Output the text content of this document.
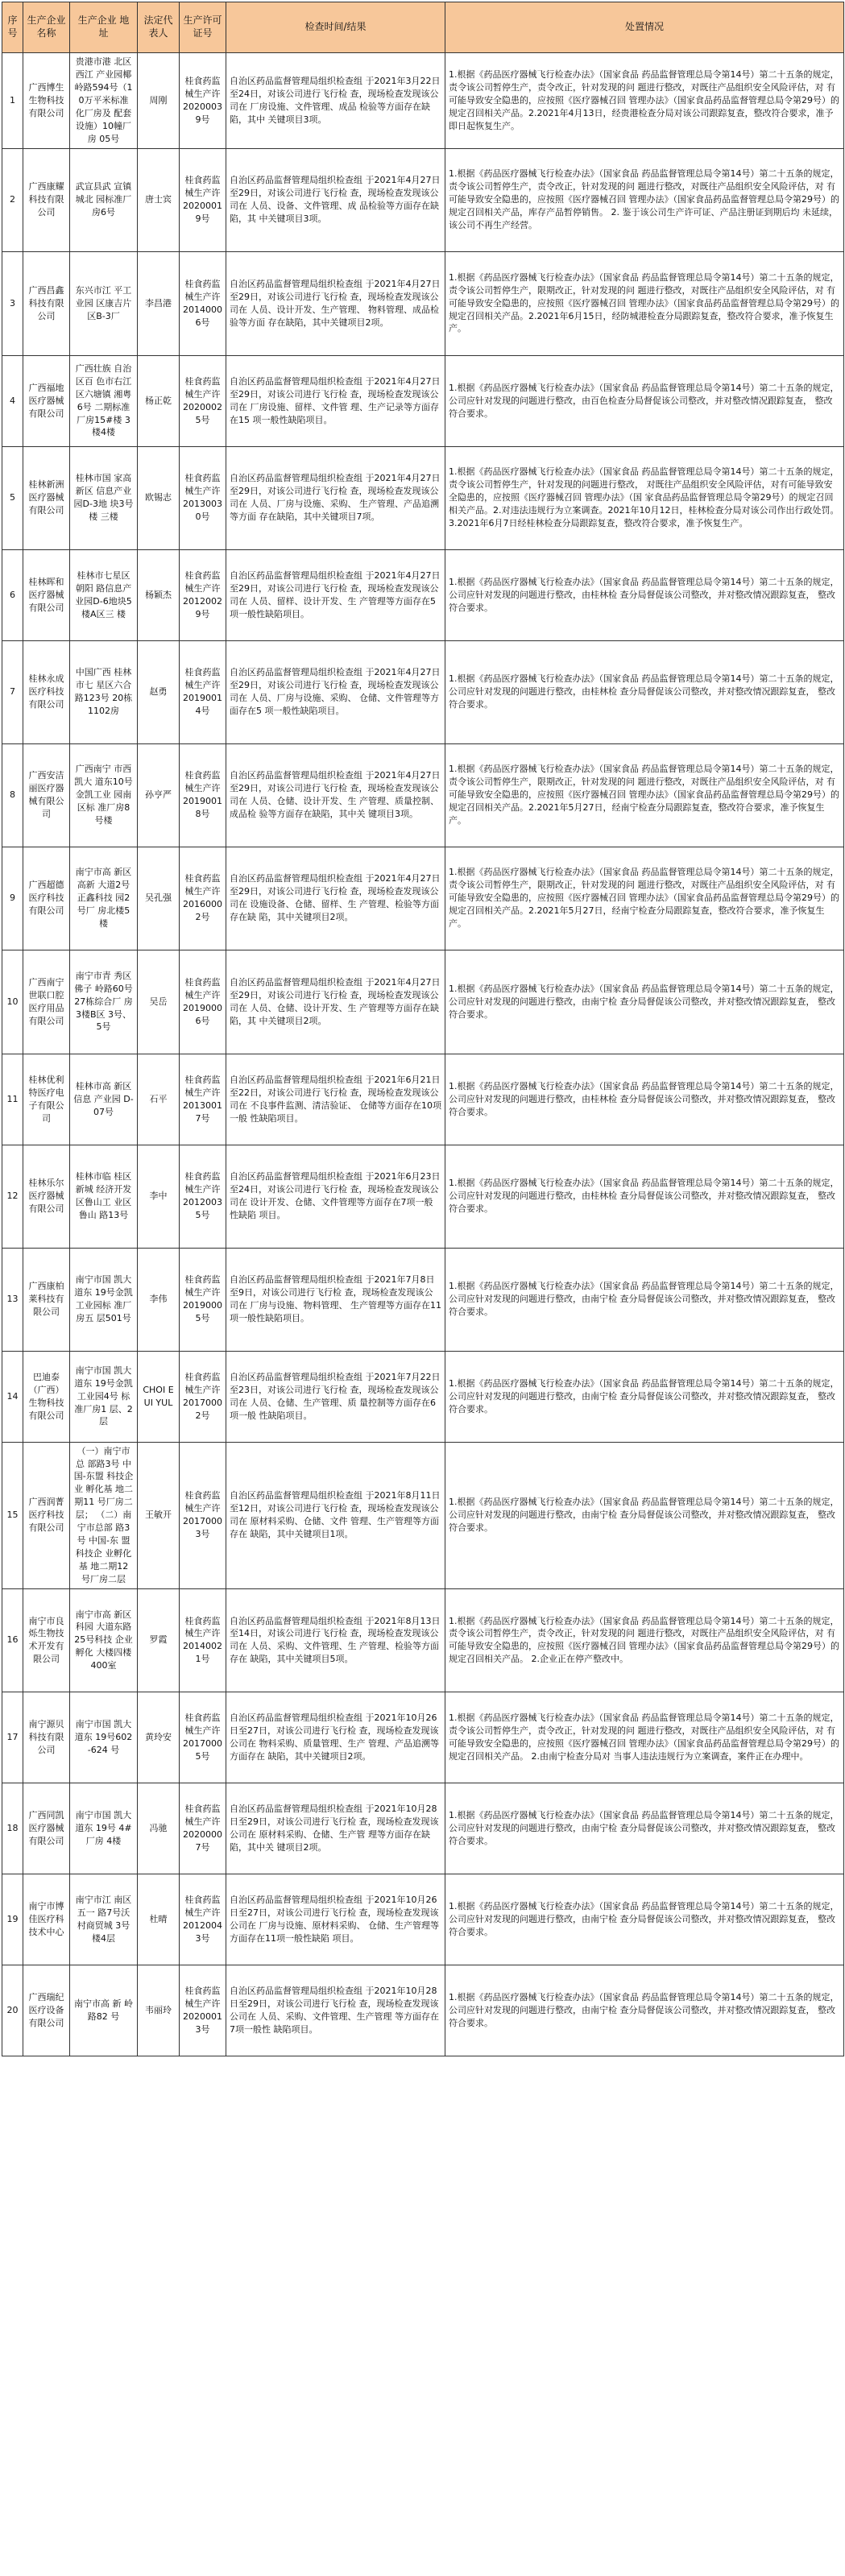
序号	生产企业名称	生产企业 地址	法定代表人	生产许可证号	检查时间/结果	处置情况
1	广西博生生物科技有限公司	贵港市港 北区西江 产业园椰 岭路594号（10万平米标准 化厂房及 配套设施）10幢厂房 05号	周刚	桂食药监械生产许20200039号	自治区药品监督管理局组织检查组 于2021年3月22日至24日，对该公司进行飞行检 查，现场检查发现该公司在 厂房设施、文件管理、成品 检验等方面存在缺陷，其中 关键项目3项。	1.根据《药品医疗器械飞行检查办法》（国家食品 药品监督管理总局令第14号）第二十五条的规定， 责令该公司暂停生产，责令改正，针对发现的问 题进行整改，对既往产品组织安全风险评估，对 有可能导致安全隐患的，应按照《医疗器械召回 管理办法》（国家食品药品监督管理总局令第29号）的规定召回相关产品。2.2021年4月13日，经贵港检查分局对该公司跟踪复查，整改符合要求，准予即日起恢复生产。
2	广西康耀科技有限公司	武宣县武 宣镇城北 园标准厂 房6号	唐士宾	桂食药监械生产许20200019号	自治区药品监督管理局组织检查组 于2021年4月27日至29日，对该公司进行飞行检 查，现场检查发现该公司在 人员、设备、文件管理、成 品检验等方面存在缺陷，其 中关键项目3项。	1.根据《药品医疗器械飞行检查办法》（国家食品 药品监督管理总局令第14号）第二十五条的规定， 责令该公司暂停生产，责令改正，针对发现的问 题进行整改，对既往产品组织安全风险评估，对 有可能导致安全隐患的，应按照《医疗器械召回 管理办法》（国家食品药品监督管理总局令第29号）的规定召回相关产品，库存产品暂停销售。 2. 鉴于该公司生产许可证、产品注册证到期后均 未延续，该公司不再生产经营。
3	广西昌鑫科技有限公司	东兴市江 平工业园 区康吉片 区B-3厂	李昌港	桂食药监械生产许20140006号	自治区药品监督管理局组织检查组 于2021年4月27日至29日，对该公司进行飞行检 查，现场检查发现该公司在 人员、设计开发、生产管理、 物料管理、成品检验等方面 存在缺陷，其中关键项目2项。	1.根据《药品医疗器械飞行检查办法》（国家食品 药品监督管理总局令第14号）第二十五条的规定， 责令该公司暂停生产，限期改正，针对发现的问 题进行整改，对既往产品组织安全风险评估，对 有可能导致安全隐患的，应按照《医疗器械召回 管理办法》（国家食品药品监督管理总局令第29号）的规定召回相关产品。2.2021年6月15日，经防城港检查分局跟踪复查，整改符合要求，准予恢复生产。
4	广西福地医疗器械有限公司	广西壮族 自治区百 色市右江 区六塘镇 湘粤6号 二期标准 厂房15#楼 3楼4楼	杨正乾	桂食药监械生产许20200025号	自治区药品监督管理局组织检查组 于2021年4月27日至29日，对该公司进行飞行检 查，现场检查发现该公司在 厂房设施、留样、文件管 理、生产记录等方面存在15 项一般性缺陷项目。	1.根据《药品医疗器械飞行检查办法》（国家食品 药品监督管理总局令第14号）第二十五条的规定，公司应针对发现的问题进行整改，由百色检查分局督促该公司整改，并对整改情况跟踪复查， 整改符合要求。
5	桂林新洲医疗器械有限公司	桂林市国 家高新区 信息产业 园D-3地 块3号楼 三楼	欧锡志	桂食药监械生产许20130030号	自治区药品监督管理局组织检查组 于2021年4月27日至29日，对该公司进行飞行检 查，现场检查发现该公司在 人员、厂房与设施、采购、 生产管理、产品追溯等方面 存在缺陷，其中关键项目7项。	1.根据《药品医疗器械飞行检查办法》（国家食品 药品监督管理总局令第14号）第二十五条的规定， 责令该公司暂停生产，针对发现的问题进行整改， 对既往产品组织安全风险评估，对有可能导致安 全隐患的，应按照《医疗器械召回 管理办法》（国 家食品药品监督管理总局令第29号）的规定召回 相关产品。2.对违法违规行为立案调查。2021年10月12日，桂林检查分局对该公司作出行政处罚。 3.2021年6月7日经桂林检查分局跟踪复查，整改符合要求，准予恢复生产。
6	桂林晖和医疗器械有限公司	桂林市七星区朝阳 路信息产业园D-6地块5 楼A区三 楼	杨颖杰	桂食药监械生产许20120029号	自治区药品监督管理局组织检查组 于2021年4月27日至29日，对该公司进行飞行检 查，现场检查发现该公司在 人员、留样、设计开发、生 产管理等方面存在5项一般性缺陷项目。	1.根据《药品医疗器械飞行检查办法》（国家食品 药品监督管理总局令第14号）第二十五条的规定，公司应针对发现的问题进行整改，由桂林检 查分局督促该公司整改，并对整改情况跟踪复查， 整改符合要求。
7	桂林永成医疗科技有限公司	中国广西 桂林市七 星区六合 路123号 20栋 1102房	赵勇	桂食药监械生产许20190014号	自治区药品监督管理局组织检查组 于2021年4月27日至29日，对该公司进行飞行检 查，现场检查发现该公司在 人员、厂房与设施、采购、 仓储、文件管理等方面存在5 项一般性缺陷项目。	1.根据《药品医疗器械飞行检查办法》（国家食品 药品监督管理总局令第14号）第二十五条的规定，公司应针对发现的问题进行整改，由桂林检 查分局督促该公司整改，并对整改情况跟踪复查， 整改符合要求。
8	广西安洁丽医疗器械有限公司	广西南宁 市西凯大 道东10号 金凯工业 园南区标 准厂房8号楼	孙亨严	桂食药监械生产许20190018号	自治区药品监督管理局组织检查组 于2021年4月27日至29日，对该公司进行飞行检 查，现场检查发现该公司在 人员、仓储、设计开发、生 产管理、质量控制、成品检 验等方面存在缺陷，其中关 键项目3项。	1.根据《药品医疗器械飞行检查办法》（国家食品 药品监督管理总局令第14号）第二十五条的规定， 责令该公司暂停生产，限期改正，针对发现的问 题进行整改，对既往产品组织安全风险评估，对 有可能导致安全隐患的，应按照《医疗器械召回 管理办法》（国家食品药品监督管理总局令第29号）的规定召回相关产品。2.2021年5月27日，经南宁检查分局跟踪复查，整改符合要求，准予恢复生产。
9	广西超德医疗科技有限公司	南宁市高 新区高新 大道2号 正鑫科技 园2号厂 房北楼5楼	吴孔强	桂食药监械生产许20160002号	自治区药品监督管理局组织检查组 于2021年4月27日至29日，对该公司进行飞行检 查，现场检查发现该公司在 设施设备、仓储、留样、生 产管理、检验等方面存在缺 陷，其中关键项目2项。	1.根据《药品医疗器械飞行检查办法》（国家食品 药品监督管理总局令第14号）第二十五条的规定， 责令该公司暂停生产，限期改正，针对发现的问 题进行整改，对既往产品组织安全风险评估，对 有可能导致安全隐患的，应按照《医疗器械召回 管理办法》（国家食品药品监督管理总局令第29号）的规定召回相关产品。2.2021年5月27日，经南宁检查分局跟踪复查，整改符合要求，准予恢复生产。
10	广西南宁世联口腔医疗用品有限公司	南宁市青 秀区佛子 岭路60号 27栋综合厂 房3楼B区 3号、5号	吴岳	桂食药监械生产许20190006号	自治区药品监督管理局组织检查组 于2021年4月27日至29日，对该公司进行飞行检 查，现场检查发现该公司在 人员、仓储、设计开发、生 产管理等方面存在缺陷，其 中关键项目2项。	1.根据《药品医疗器械飞行检查办法》（国家食品 药品监督管理总局令第14号）第二十五条的规定，公司应针对发现的问题进行整改，由南宁检 查分局督促该公司整改，并对整改情况跟踪复查， 整改符合要求。
11	桂林优利特医疗电子有限公司	桂林市高 新区信息 产业园 D-07号	石平	桂食药监械生产许20130017号	自治区药品监督管理局组织检查组 于2021年6月21日至22日，对该公司进行飞行检 查，现场检查发现该公司在 不良事件监测、清洁验证、 仓储等方面存在10项一般 性缺陷项目。	1.根据《药品医疗器械飞行检查办法》（国家食品 药品监督管理总局令第14号）第二十五条的规定，公司应针对发现的问题进行整改，由桂林检 查分局督促该公司整改，并对整改情况跟踪复查， 整改符合要求。
12	桂林乐尔医疗器械有限公司	桂林市临 桂区新城 经济开发 区鲁山工 业区鲁山 路13号	李中	桂食药监械生产许20120035号	自治区药品监督管理局组织检查组 于2021年6月23日至24日，对该公司进行飞行检 查，现场检查发现该公司在 设计开发、仓储、文件管理等方面存在7项一般性缺陷 项目。	1.根据《药品医疗器械飞行检查办法》（国家食品 药品监督管理总局令第14号）第二十五条的规定，公司应针对发现的问题进行整改，由桂林检 查分局督促该公司整改，并对整改情况跟踪复查， 整改符合要求。
13	广西康柏莱科技有限公司	南宁市国 凯大道东 19号金凯 工业园标 准厂房五 层501号	李伟	桂食药监械生产许20190005号	自治区药品监督管理局组织检查组 于2021年7月8日至9日，对该公司进行飞行检 查，现场检查发现该公司在 厂房与设施、物料管理、 生产管理等方面存在11项一般性缺陷项目。	1.根据《药品医疗器械飞行检查办法》（国家食品 药品监督管理总局令第14号）第二十五条的规定，公司应针对发现的问题进行整改，由南宁检 查分局督促该公司整改，并对整改情况跟踪复查， 整改符合要求。
14	巴迪泰（广西）生物科技有限公司	南宁市国 凯大道东 19号金凯 工业园4号 标准厂房1 层、2层	CHOI EUI YUL	桂食药监械生产许20170002号	自治区药品监督管理局组织检查组 于2021年7月22日至23日，对该公司进行飞行检 查，现场检查发现该公司在 人员、仓储、生产管理、质 量控制等方面存在6项一般 性缺陷项目。	1.根据《药品医疗器械飞行检查办法》（国家食品 药品监督管理总局令第14号）第二十五条的规定，公司应针对发现的问题进行整改，由南宁检 查分局督促该公司整改，并对整改情况跟踪复查， 整改符合要求。
15	广西润菁医疗科技有限公司	（一）南宁市总 部路3号 中国-东盟 科技企业 孵化基 地二期11 号厂房二层； （二）南 宁市总部 路3号 中国-东 盟科技企 业孵化基 地二期12 号厂房二层	王敏开	桂食药监械生产许20170003号	自治区药品监督管理局组织检查组 于2021年8月11日至12日，对该公司进行飞行检 查，现场检查发现该公司在 原材料采购、仓储、文件 管理、生产管理等方面存在 缺陷，其中关键项目1项。	1.根据《药品医疗器械飞行检查办法》（国家食品 药品监督管理总局令第14号）第二十五条的规定，公司应针对发现的问题进行整改，由南宁检 查分局督促该公司整改，并对整改情况跟踪复查， 整改符合要求。
16	南宁市良烁生物技术开发有限公司	南宁市高 新区科园 大道东路 25号科技 企业孵化 大楼四楼 400室	罗霞	桂食药监械生产许20140021号	自治区药品监督管理局组织检查组 于2021年8月13日至14日，对该公司进行飞行检 查，现场检查发现该公司在 人员、采购、文件管理、生 产管理、检验等方面存在 缺陷，其中关键项目5项。	1.根据《药品医疗器械飞行检查办法》（国家食品 药品监督管理总局令第14号）第二十五条的规定， 责令该公司暂停生产，责令改正，针对发现的问 题进行整改，对既往产品组织安全风险评估，对 有可能导致安全隐患的，应按照《医疗器械召回 管理办法》（国家食品药品监督管理总局令第29号）的规定召回相关产品。 2.企业正在停产整改中。
17	南宁源贝科技有限公司	南宁市国 凯大道东 19号602-624 号	黄玲安	桂食药监械生产许20170005号	自治区药品监督管理局组织检查组 于2021年10月26日至27日，对该公司进行飞行检 查，现场检查发现该公司在 物料采购、质量管理、生产 管理、产品追溯等方面存在 缺陷，其中关键项目2项。	1.根据《药品医疗器械飞行检查办法》（国家食品 药品监督管理总局令第14号）第二十五条的规定， 责令该公司暂停生产，责令改正，针对发现的问 题进行整改，对既往产品组织安全风险评估，对 有可能导致安全隐患的，应按照《医疗器械召回 管理办法》（国家食品药品监督管理总局令第29号）的规定召回相关产品。 2.由南宁检查分局对 当事人违法违规行为立案调查，案件正在办理中。
18	广西同凯医疗器械有限公司	南宁市国 凯大道东 19号 4#厂房 4楼	冯驰	桂食药监械生产许20200007号	自治区药品监督管理局组织检查组 于2021年10月28日至29日，对该公司进行飞行检 查，现场检查发现该公司在 原材料采购、仓储、生产管 理等方面存在缺陷，其中关 键项目2项。	1.根据《药品医疗器械飞行检查办法》（国家食品 药品监督管理总局令第14号）第二十五条的规定，公司应针对发现的问题进行整改，由南宁检 查分局督促该公司整改，并对整改情况跟踪复查， 整改符合要求。
19	南宁市博佳医疗科技术中心	南宁市江 南区五一 路7号沃 村商贸城 3号楼4层	杜晴	桂食药监械生产许20120043号	自治区药品监督管理局组织检查组 于2021年10月26日至27日，对该公司进行飞行检 查，现场检查发现该公司在 厂房与设施、原材料采购、 仓储、生产管理等方面存在11项一般性缺陷 项目。	1.根据《药品医疗器械飞行检查办法》（国家食品 药品监督管理总局令第14号）第二十五条的规定，公司应针对发现的问题进行整改，由南宁检 查分局督促该公司整改，并对整改情况跟踪复查， 整改符合要求。
20	广西瑞纪医疗设备有限公司	南宁市高 新 岭路82 号	韦丽玲	桂食药监械生产许20200013号	自治区药品监督管理局组织检查组 于2021年10月28日至29日，对该公司进行飞行检 查，现场检查发现该公司在 人员、采购、文件管理、生产管理 等方面存在7项一般性 缺陷项目。	1.根据《药品医疗器械飞行检查办法》（国家食品 药品监督管理总局令第14号）第二十五条的规定，公司应针对发现的问题进行整改，由南宁检 查分局督促该公司整改，并对整改情况跟踪复查， 整改符合要求。
